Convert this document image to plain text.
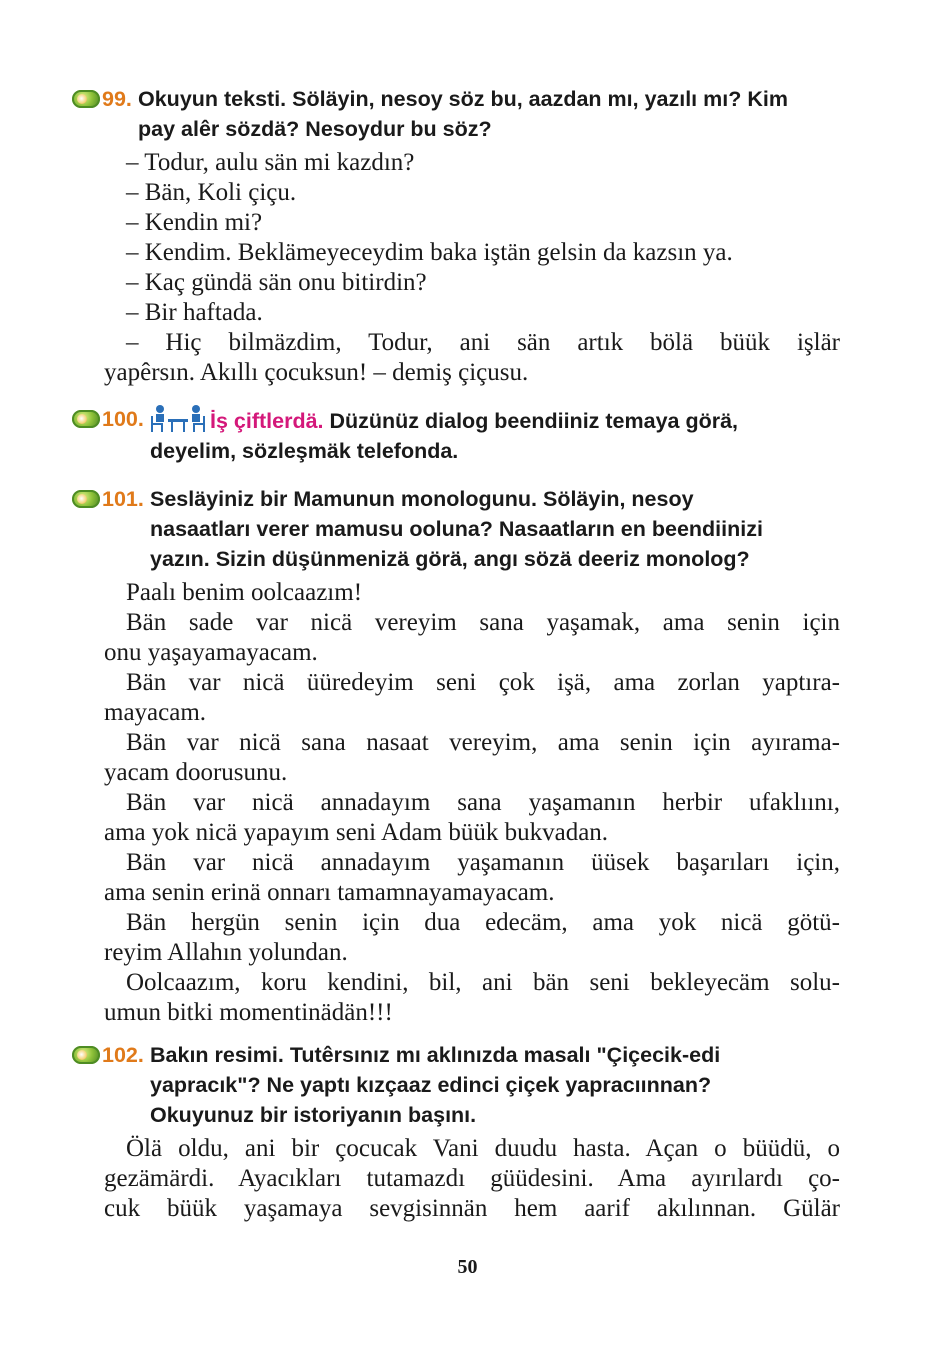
99. Okuyun teksti. Söläyin, nesoy söz bu, aazdan mı, yazılı mı? Kim
pay alêr sözdä? Nesoydur bu söz?
– Todur, aulu sän mi kazdın?
– Bän, Koli çiçu.
– Kendin mi?
– Kendim. Beklämeyeceydim baka iştän gelsin da kazsın ya.
– Kaç gündä sän onu bitirdin?
– Bir haftada.
– Hiç bilmäzdim, Todur, ani sän artık bölä büük işlär
yapêrsın. Akıllı çocuksun! – demiş çiçusu.
100.	İş çiftlerdä. Düzünüz dialog beendiiniz temaya görä,
deyelim, sözleşmäk telefonda.
101. Sesläyiniz bir Mamunun monologunu. Söläyin, nesoy
nasaatları verer mamusu ooluna? Nasaatların en beendiinizi
yazın. Sizin düşünmenizä görä, angı sözä deeriz monolog?
Paalı benim oolcaazım!
Bän sade var nicä vereyim sana yaşamak, ama senin için
onu yaşayamayacam.
Bän var nicä üüredeyim seni çok işä, ama zorlan yaptıra-
mayacam.
Bän var nicä sana nasaat vereyim, ama senin için ayırama-
yacam doorusunu.
Bän var nicä annadayım sana yaşamanın herbir ufaklıını,
ama yok nicä yapayım seni Adam büük bukvadan.
Bän var nicä annadayım yaşamanın üüsek başarıları için,
ama senin erinä onnarı tamamnayamayacam.
Bän hergün senin için dua edecäm, ama yok nicä götü-
reyim Allahın yolundan.
Oolcaazım, koru kendini, bil, ani bän seni bekleyecäm solu-
umun bitki momentinädän!!!
102. Bakın resimi. Tutêrsınız mı aklınızda masalı "Çiçecik-edi
yapracık"? Ne yaptı kızçaaz edinci çiçek yapracıınnan?
Okuyunuz bir istoriyanın başını.
Ölä oldu, ani bir çocucak Vani duudu hasta. Açan o büüdü, o
gezämärdi. Ayacıkları tutamazdı güüdesini. Ama ayırılardı ço-
cuk büük yaşamaya sevgisinnän hem aarif akılınnan. Gülär
50
